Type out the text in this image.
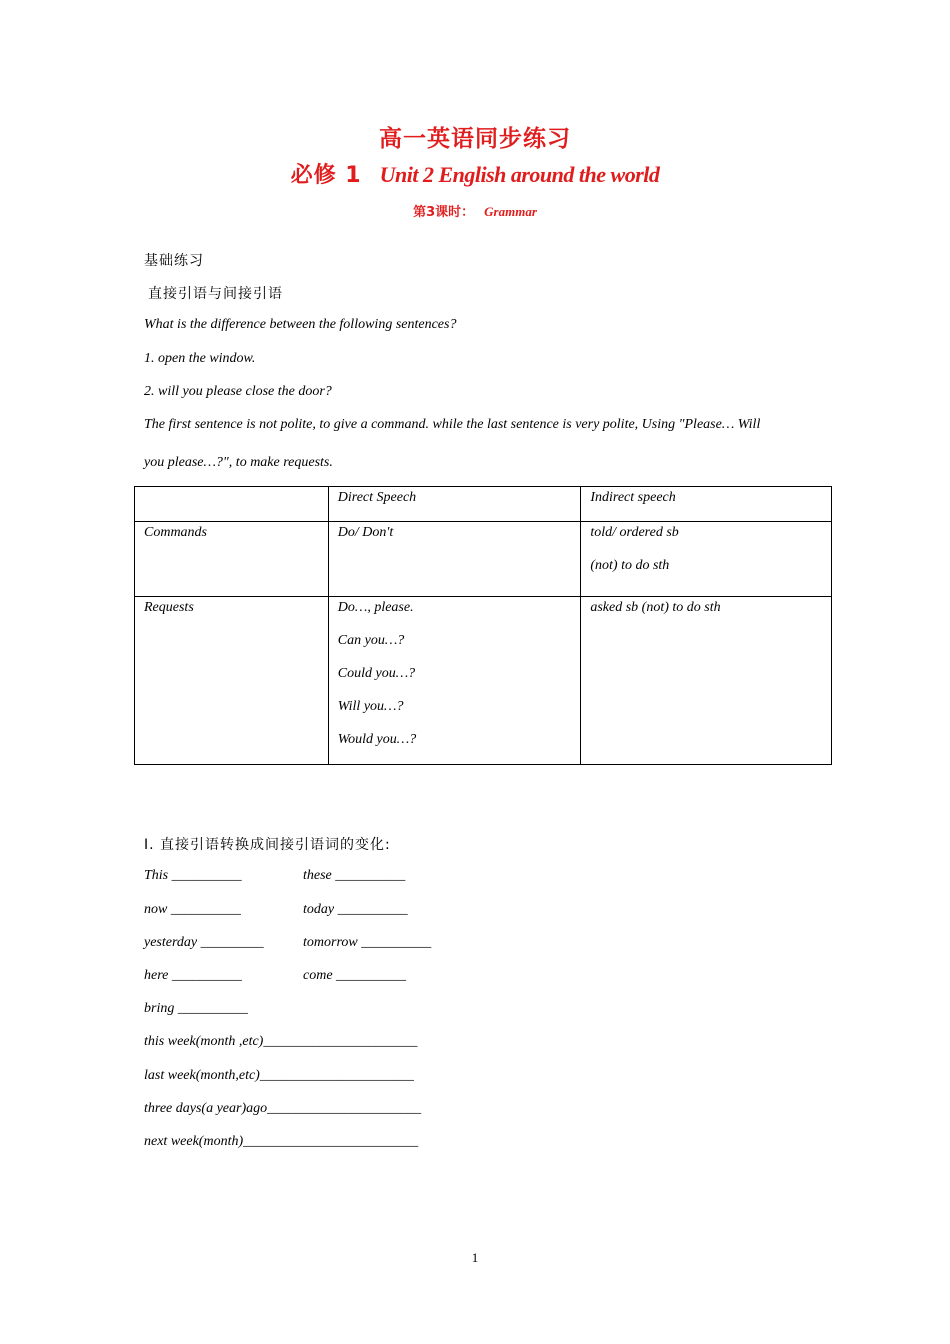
高一英语同步练习
必修 1 Unit 2 English around the world
第3课时： Grammar
基础练习
直接引语与间接引语
What is the difference between the following sentences?
1. open the window.
2. will you please close the door?
The first sentence is not polite, to give a command. while the last sentence is very polite, Using "Please… Will
you please…?", to make requests.

	Direct Speech	Indirect speech

Commands	Do/ Don't	told/ ordered sb
(not) to do sth

Requests	Do…, please.
Can you…?
Could you…?
Will you…?
Would you…?	asked sb (not) to do sth
I. 直接引语转换成间接引语词的变化:
This __________	these __________
now __________	today __________
yesterday _________	tomorrow __________
here __________	come __________
bring __________
this week(month ,etc)______________________
last week(month,etc)______________________
three days(a year)ago______________________
next week(month)_________________________
1
